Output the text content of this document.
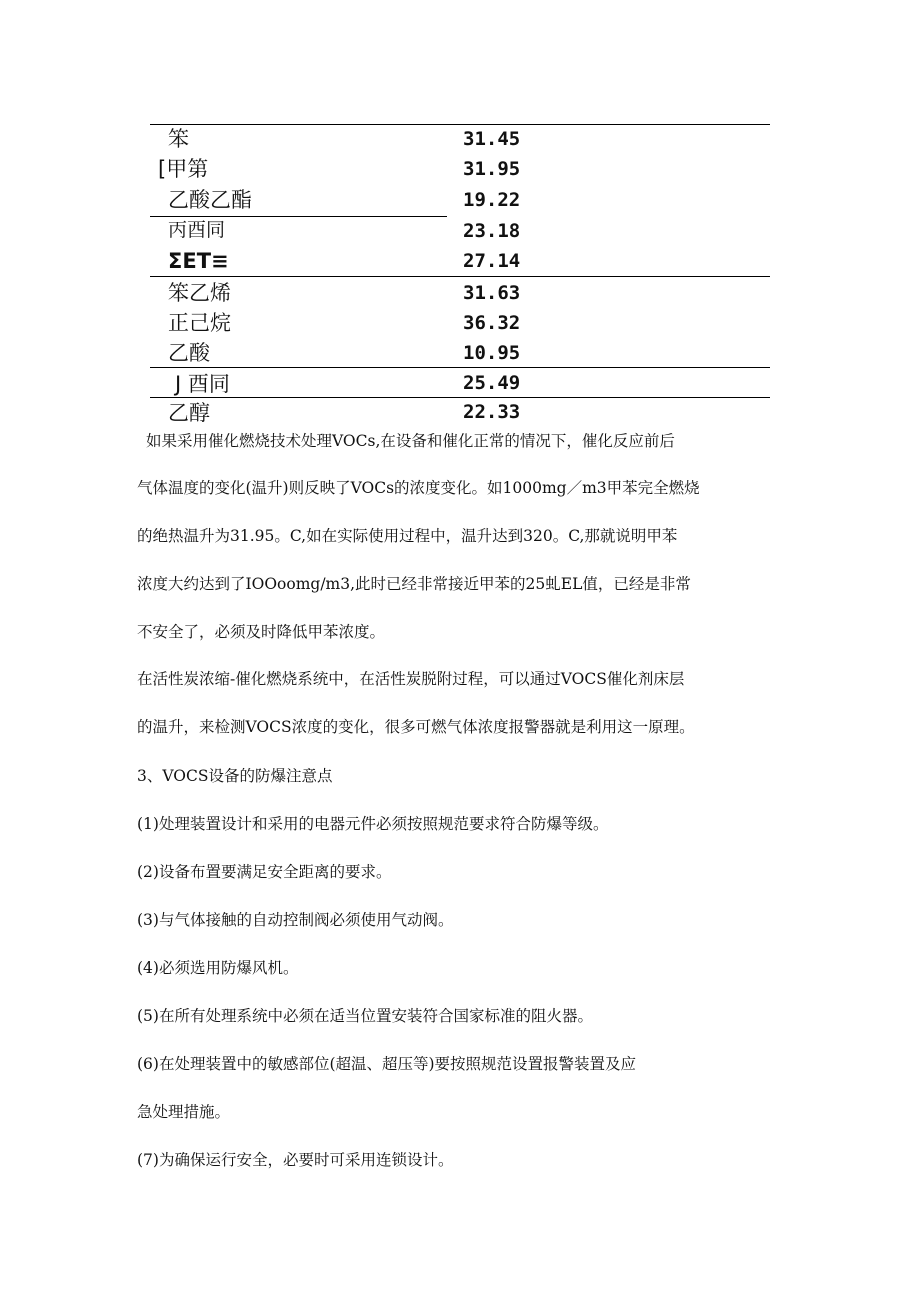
笨	31.45
[甲第	31.95
乙酸乙酯	19.22
丙酉同	23.18
ΣET≡	27.14
笨乙烯	31.63
正己烷	36.32
乙酸	10.95
J 酉同	25.49
乙醇	22.33
如果采用催化燃烧技术处理VOCs,在设备和催化正常的情况下，催化反应前后
气体温度的变化(温升)则反映了VOCs的浓度变化。如1000mg／m3甲苯完全燃烧
的绝热温升为31.95。C,如在实际使用过程中，温升达到320。C,那就说明甲苯
浓度大约达到了IOOoomg/m3,此时已经非常接近甲苯的25虬EL值，已经是非常
不安全了，必须及时降低甲苯浓度。
在活性炭浓缩-催化燃烧系统中，在活性炭脱附过程，可以通过VOCS催化剂床层
的温升，来检测VOCS浓度的变化，很多可燃气体浓度报警器就是利用这一原理。
3、VOCS设备的防爆注意点
(1)处理装置设计和采用的电器元件必须按照规范要求符合防爆等级。
(2)设备布置要满足安全距离的要求。
(3)与气体接触的自动控制阀必须使用气动阀。
(4)必须选用防爆风机。
(5)在所有处理系统中必须在适当位置安装符合国家标准的阻火器。
(6)在处理装置中的敏感部位(超温、超压等)要按照规范设置报警装置及应
急处理措施。
(7)为确保运行安全，必要时可采用连锁设计。
